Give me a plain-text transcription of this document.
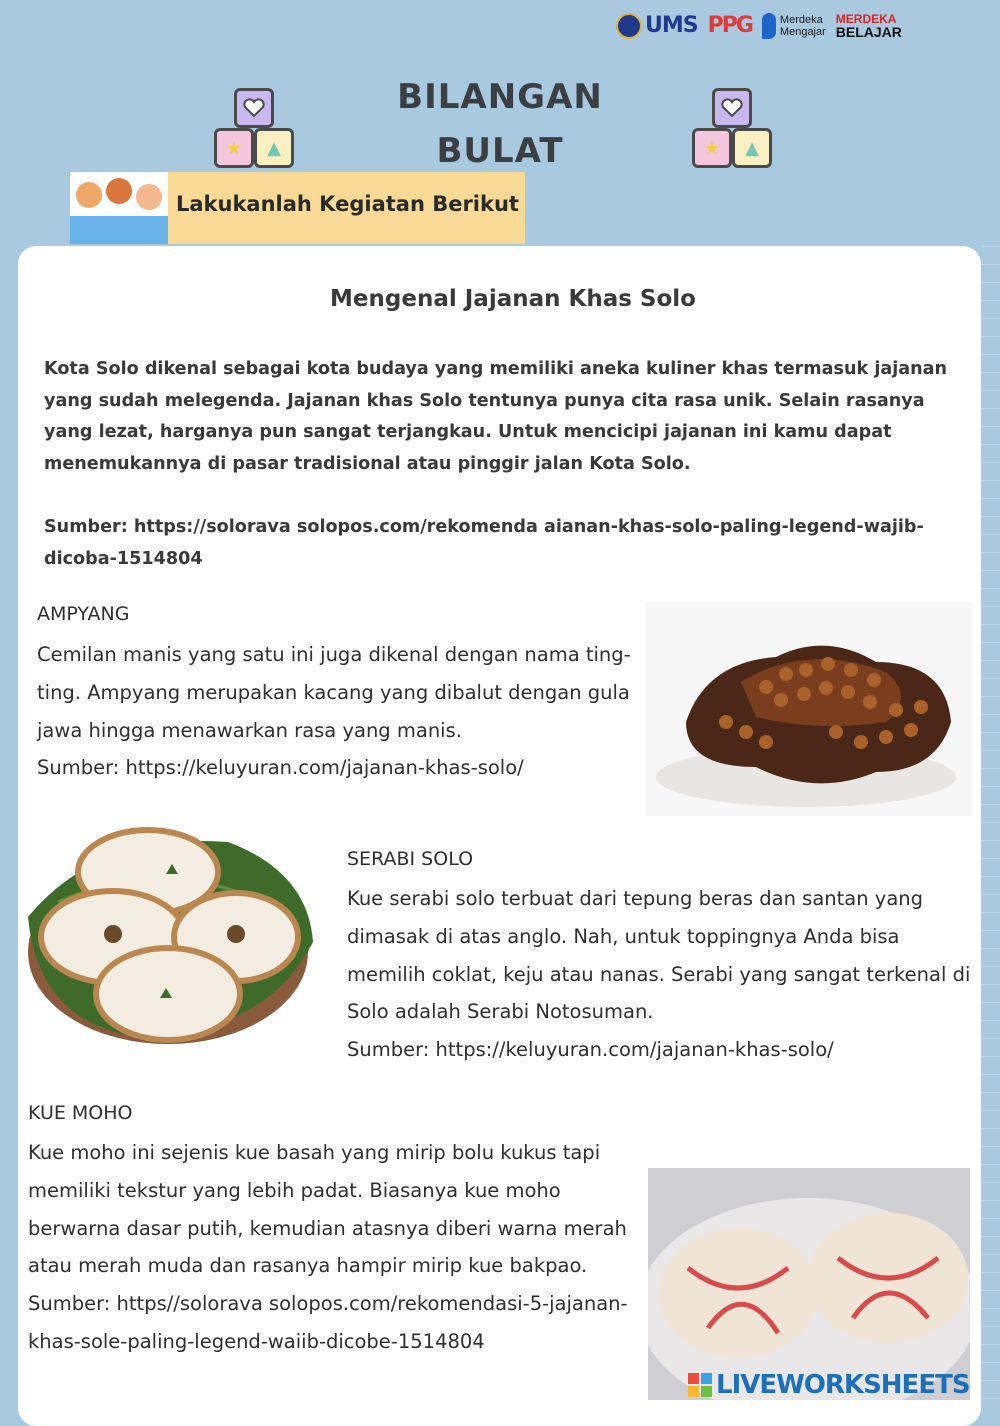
UMS PPG	Merdeka
Mengajar
MERDEKA
BELAJAR
★	▲	★	▲
BILANGAN
BULAT
Lakukanlah Kegiatan Berikut
Mengenal Jajanan Khas Solo
Kota Solo dikenal sebagai kota budaya yang memiliki aneka kuliner khas termasuk jajanan yang sudah melegenda. Jajanan khas Solo tentunya punya cita rasa unik. Selain rasanya yang lezat, harganya pun sangat terjangkau. Untuk mencicipi jajanan ini kamu dapat menemukannya di pasar tradisional atau pinggir jalan Kota Solo.
Sumber: https://solorava solopos.com/rekomenda aianan-khas-solo-paling-legend-wajib-dicoba-1514804
AMPYANG
Cemilan manis yang satu ini juga dikenal dengan nama ting-ting. Ampyang merupakan kacang yang dibalut dengan gula jawa hingga menawarkan rasa yang manis.
Sumber: https://keluyuran.com/jajanan-khas-solo/
SERABI SOLO
Kue serabi solo terbuat dari tepung beras dan santan yang dimasak di atas anglo. Nah, untuk toppingnya Anda bisa memilih coklat, keju atau nanas. Serabi yang sangat terkenal di Solo adalah Serabi Notosuman.
Sumber: https://keluyuran.com/jajanan-khas-solo/
KUE MOHO
Kue moho ini sejenis kue basah yang mirip bolu kukus tapi memiliki tekstur yang lebih padat. Biasanya kue moho berwarna dasar putih, kemudian atasnya diberi warna merah atau merah muda dan rasanya hampir mirip kue bakpao.
Sumber: https//solorava solopos.com/rekomendasi-5-jajanan-khas-sole-paling-legend-waiib-dicobe-1514804
LIVEWORKSHEETS
